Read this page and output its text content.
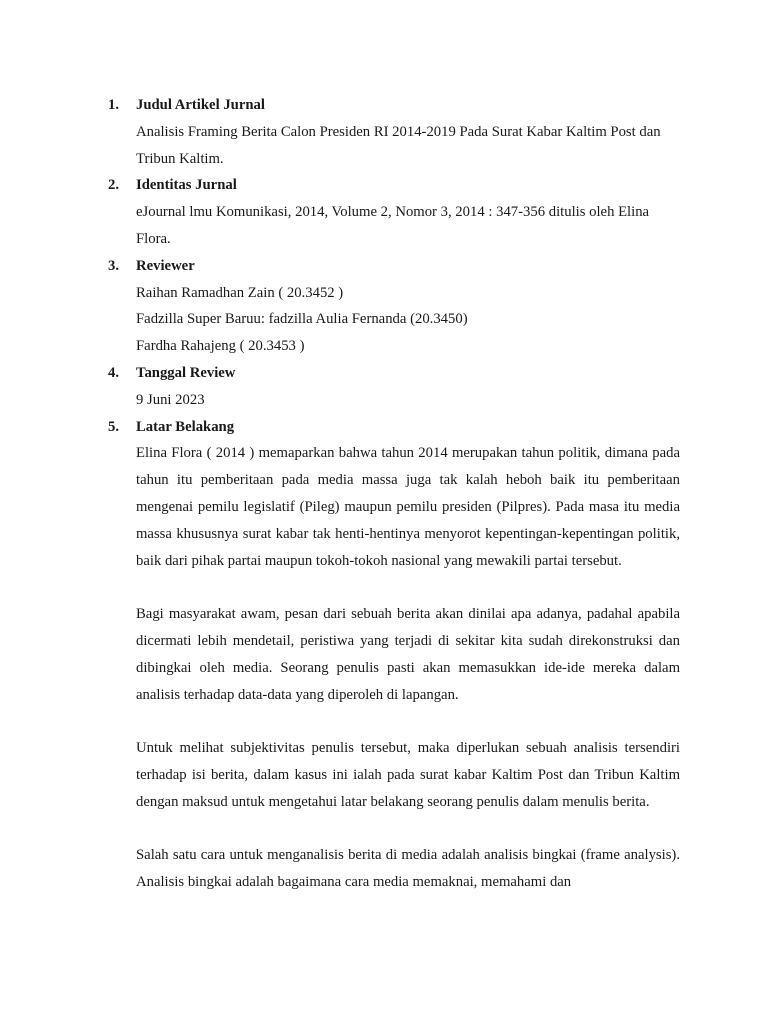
1. Judul Artikel Jurnal
Analisis Framing Berita Calon Presiden RI 2014-2019 Pada Surat Kabar Kaltim Post dan Tribun Kaltim.
2. Identitas Jurnal
eJournal lmu Komunikasi, 2014, Volume 2, Nomor 3, 2014 : 347-356 ditulis oleh Elina Flora.
3. Reviewer
Raihan Ramadhan Zain ( 20.3452 )
Fadzilla Super Baruu: fadzilla Aulia Fernanda (20.3450)
Fardha Rahajeng ( 20.3453 )
4. Tanggal Review
9 Juni 2023
5. Latar Belakang
Elina Flora ( 2014 ) memaparkan bahwa tahun 2014 merupakan tahun politik, dimana pada tahun itu pemberitaan pada media massa juga tak kalah heboh baik itu pemberitaan mengenai pemilu legislatif (Pileg) maupun pemilu presiden (Pilpres). Pada masa itu media massa khususnya surat kabar tak henti-hentinya menyorot kepentingan-kepentingan politik, baik dari pihak partai maupun tokoh-tokoh nasional yang mewakili partai tersebut.
Bagi masyarakat awam, pesan dari sebuah berita akan dinilai apa adanya, padahal apabila dicermati lebih mendetail, peristiwa yang terjadi di sekitar kita sudah direkonstruksi dan dibingkai oleh media. Seorang penulis pasti akan memasukkan ide-ide mereka dalam analisis terhadap data-data yang diperoleh di lapangan.
Untuk melihat subjektivitas penulis tersebut, maka diperlukan sebuah analisis tersendiri terhadap isi berita, dalam kasus ini ialah pada surat kabar Kaltim Post dan Tribun Kaltim dengan maksud untuk mengetahui latar belakang seorang penulis dalam menulis berita.
Salah satu cara untuk menganalisis berita di media adalah analisis bingkai (frame analysis). Analisis bingkai adalah bagaimana cara media memaknai, memahami dan
